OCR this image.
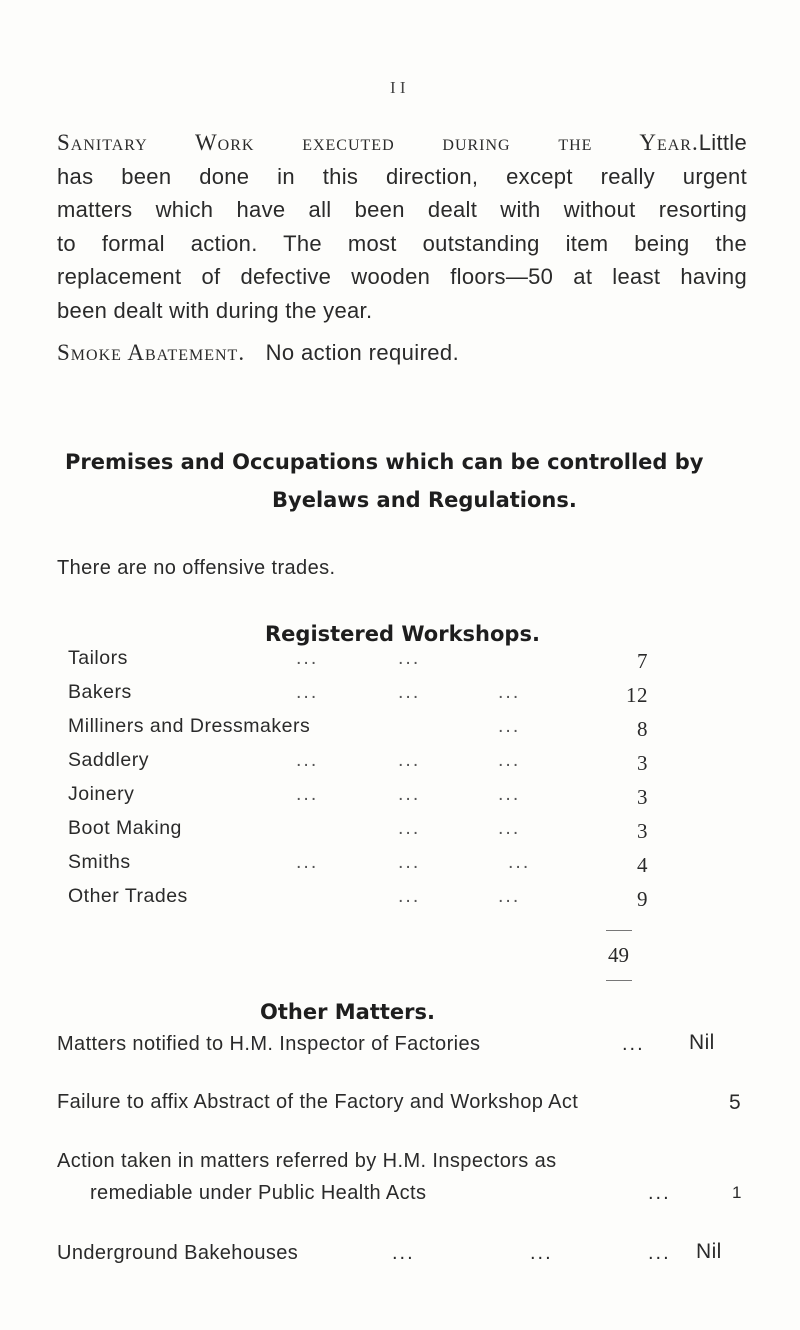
I I
Sanitary Work executed during the Year. Little
has been done in this direction, except really urgent
matters which have all been dealt with without resorting
to formal action. The most outstanding item being the
replacement of defective wooden floors—50 at least having
been dealt with during the year.
Smoke Abatement. No action required.
Premises and Occupations which can be controlled by
Byelaws and Regulations.
There are no offensive trades.
Registered Workshops.
Tailors	...	...	7
Bakers	...	...	...	12
Milliners and Dressmakers	...	8
Saddlery	...	...	...	3
Joinery	...	...	...	3
Boot Making	...	...	3
Smiths	...	...	...	4
Other Trades	...	...	9
49
Other Matters.
Matters notified to H.M. Inspector of Factories	... Nil
Failure to affix Abstract of the Factory and Workshop Act	5
Action taken in matters referred by H.M. Inspectors as
remediable under Public Health Acts	...	1
Underground Bakehouses	...	...	... Nil
